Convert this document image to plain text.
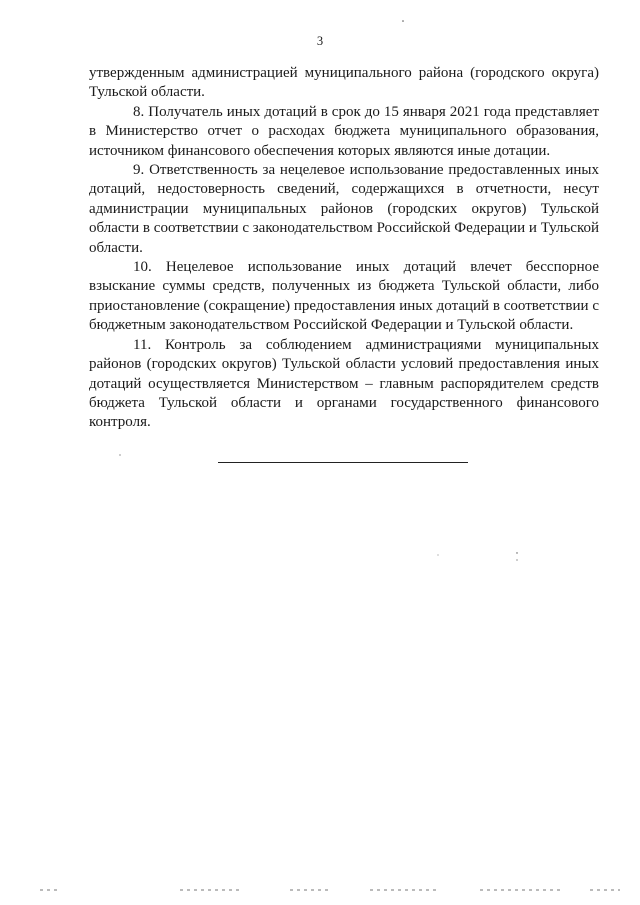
3

утвержденным администрацией муниципального района (городского округа) Тульской области.

8. Получатель иных дотаций в срок до 15 января 2021 года представляет в Министерство отчет о расходах бюджета муниципального образования, источником финансового обеспечения которых являются иные дотации.

9. Ответственность за нецелевое использование предоставленных иных дотаций, недостоверность сведений, содержащихся в отчетности, несут администрации муниципальных районов (городских округов) Тульской области в соответствии с законодательством Российской Федерации и Тульской области.

10. Нецелевое использование иных дотаций влечет бесспорное взыскание суммы средств, полученных из бюджета Тульской области, либо приостановление (сокращение) предоставления иных дотаций в соответствии с бюджетным законодательством Российской Федерации и Тульской области.

11. Контроль за соблюдением администрациями муниципальных районов (городских округов) Тульской области условий предоставления иных дотаций осуществляется Министерством – главным распорядителем средств бюджета Тульской области и органами государственного финансового контроля.
